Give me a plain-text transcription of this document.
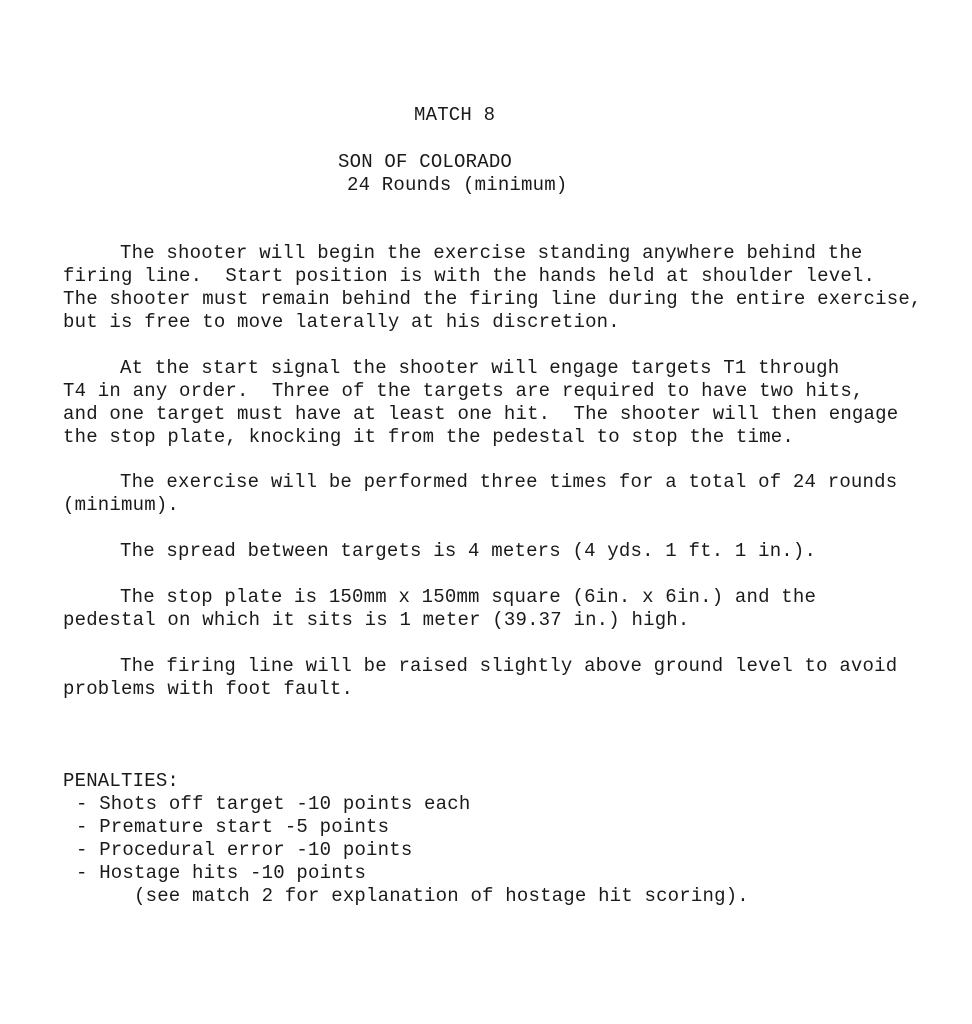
MATCH 8
SON OF COLORADO
24 Rounds (minimum)
The shooter will begin the exercise standing anywhere behind the
firing line.  Start position is with the hands held at shoulder level.
The shooter must remain behind the firing line during the entire exercise,
but is free to move laterally at his discretion.
At the start signal the shooter will engage targets T1 through
T4 in any order.  Three of the targets are required to have two hits,
and one target must have at least one hit.  The shooter will then engage
the stop plate, knocking it from the pedestal to stop the time.
The exercise will be performed three times for a total of 24 rounds
(minimum).
The spread between targets is 4 meters (4 yds. 1 ft. 1 in.).
The stop plate is 150mm x 150mm square (6in. x 6in.) and the
pedestal on which it sits is 1 meter (39.37 in.) high.
The firing line will be raised slightly above ground level to avoid
problems with foot fault.
PENALTIES:
- Shots off target -10 points each
- Premature start -5 points
- Procedural error -10 points
- Hostage hits -10 points
(see match 2 for explanation of hostage hit scoring).
